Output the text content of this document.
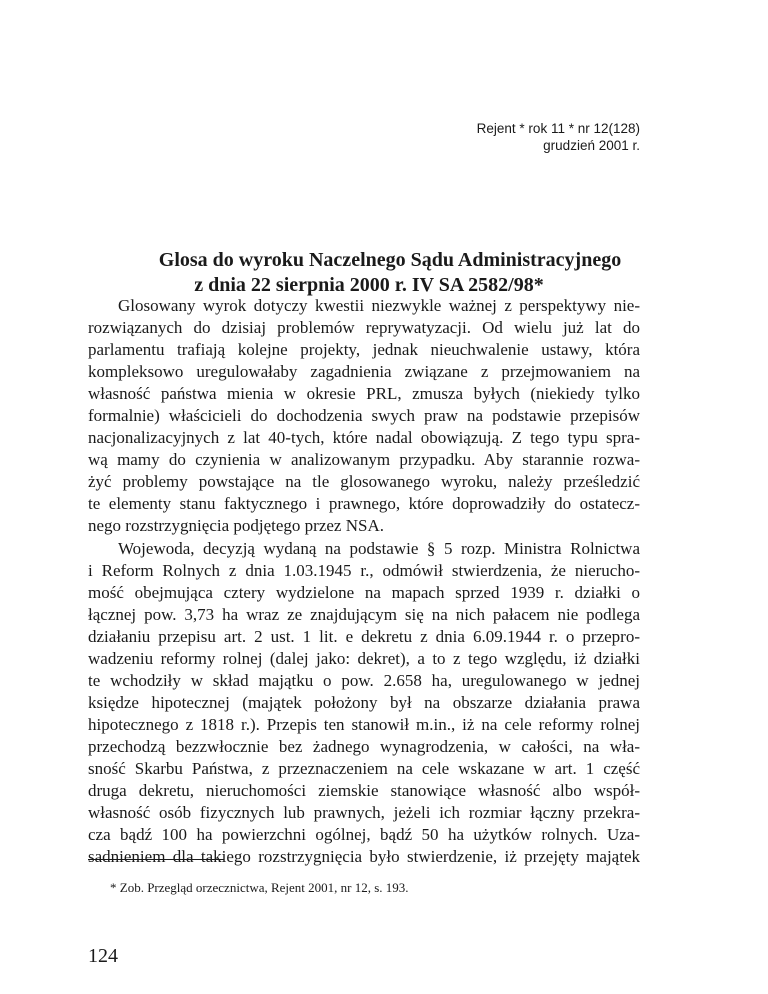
Rejent * rok 11 * nr 12(128)
grudzień 2001 r.
Glosa do wyroku Naczelnego Sądu Administracyjnego
z dnia 22 sierpnia 2000 r. IV SA 2582/98*
Glosowany wyrok dotyczy kwestii niezwykle ważnej z perspektywy nie-
rozwiązanych do dzisiaj problemów reprywatyzacji. Od wielu już lat do
parlamentu trafiają kolejne projekty, jednak nieuchwalenie ustawy, która
kompleksowo uregulowałaby zagadnienia związane z przejmowaniem na
własność państwa mienia w okresie PRL, zmusza byłych (niekiedy tylko
formalnie) właścicieli do dochodzenia swych praw na podstawie przepisów
nacjonalizacyjnych z lat 40-tych, które nadal obowiązują. Z tego typu spra-
wą mamy do czynienia w analizowanym przypadku. Aby starannie rozwa-
żyć problemy powstające na tle glosowanego wyroku, należy prześledzić
te elementy stanu faktycznego i prawnego, które doprowadziły do ostatecz-
nego rozstrzygnięcia podjętego przez NSA.
Wojewoda, decyzją wydaną na podstawie § 5 rozp. Ministra Rolnictwa
i Reform Rolnych z dnia 1.03.1945 r., odmówił stwierdzenia, że nierucho-
mość obejmująca cztery wydzielone na mapach sprzed 1939 r. działki o
łącznej pow. 3,73 ha wraz ze znajdującym się na nich pałacem nie podlega
działaniu przepisu art. 2 ust. 1 lit. e dekretu z dnia 6.09.1944 r. o przepro-
wadzeniu reformy rolnej (dalej jako: dekret), a to z tego względu, iż działki
te wchodziły w skład majątku o pow. 2.658 ha, uregulowanego w jednej
księdze hipotecznej (majątek położony był na obszarze działania prawa
hipotecznego z 1818 r.). Przepis ten stanowił m.in., iż na cele reformy rolnej
przechodzą bezzwłocznie bez żadnego wynagrodzenia, w całości, na wła-
sność Skarbu Państwa, z przeznaczeniem na cele wskazane w art. 1 część
druga dekretu, nieruchomości ziemskie stanowiące własność albo współ-
własność osób fizycznych lub prawnych, jeżeli ich rozmiar łączny przekra-
cza bądź 100 ha powierzchni ogólnej, bądź 50 ha użytków rolnych. Uza-
sadnieniem dla takiego rozstrzygnięcia było stwierdzenie, iż przejęty majątek
* Zob. Przegląd orzecznictwa, Rejent 2001, nr 12, s. 193.
124
